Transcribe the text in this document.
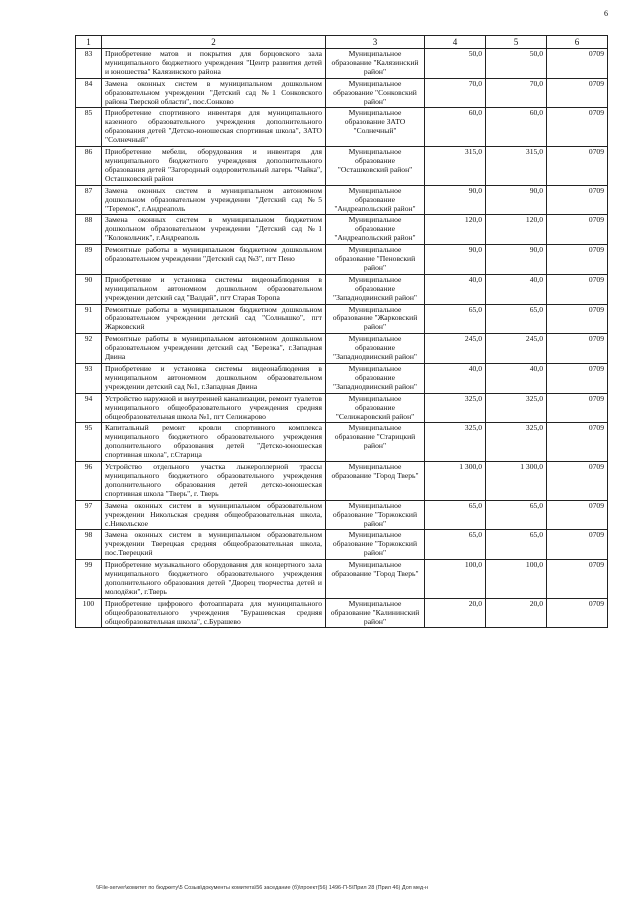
6
1	2	3	4	5	6
83	Приобретение матов и покрытия для борцовского зала муниципального бюджетного учреждения "Центр развития детей и юношества" Калязинского района	Муниципальное образование "Калязинский район"	50,0	50,0	0709
84	Замена оконных систем в муниципальном дошкольном образовательном учреждении "Детский сад №1 Сонковского района Тверской области", пос.Сонково	Муниципальное образование "Сонковский район"	70,0	70,0	0709
85	Приобретение спортивного инвентаря для муниципального казенного образовательного учреждения дополнительного образования детей "Детско-юношеская спортивная школа", ЗАТО "Солнечный"	Муниципальное образование ЗАТО "Солнечный"	60,0	60,0	0709
86	Приобретение мебели, оборудования и инвентаря для муниципального бюджетного учреждения дополнительного образования детей "Загородный оздоровительный лагерь "Чайка", Осташковский район	Муниципальное образование "Осташковский район"	315,0	315,0	0709
87	Замена оконных систем в муниципальном автономном дошкольном образовательном учреждении "Детский сад №5 "Теремок", г.Андреаполь	Муниципальное образование "Андреапольский район"	90,0	90,0	0709
88	Замена оконных систем в муниципальном бюджетном дошкольном образовательном учреждении "Детский сад №1 "Колокольчик", г.Андреаполь	Муниципальное образование "Андреапольский район"	120,0	120,0	0709
89	Ремонтные работы в муниципальном бюджетном дошкольном образовательном учреждении "Детский сад №3", пгт Пено	Муниципальное образование "Пеновский район"	90,0	90,0	0709
90	Приобретение и установка системы видеонаблюдения в муниципальном автономном дошкольном образовательном учреждении детский сад "Валдай", пгт Старая Торопа	Муниципальное образование "Западнодвинский район"	40,0	40,0	0709
91	Ремонтные работы в муниципальном бюджетном дошкольном образовательном учреждении детский сад "Солнышко", пгт Жарковский	Муниципальное образование "Жарковский район"	65,0	65,0	0709
92	Ремонтные работы в муниципальном автономном дошкольном образовательном учреждении детский сад "Березка", г.Западная Двина	Муниципальное образование "Западнодвинский район"	245,0	245,0	0709
93	Приобретение и установка системы видеонаблюдения в муниципальном автономном дошкольном образовательном учреждении детский сад №1, г.Западная Двина	Муниципальное образование "Западнодвинский район"	40,0	40,0	0709
94	Устройство наружной и внутренней канализации, ремонт туалетов муниципального общеобразовательного учреждения средняя общеобразовательная школа №1, пгт Селижарово	Муниципальное образование "Селижаровский район"	325,0	325,0	0709
95	Капитальный ремонт кровли спортивного комплекса муниципального бюджетного образовательного учреждения дополнительного образования детей "Детско-юношеская спортивная школа", г.Старица	Муниципальное образование "Старицкий район"	325,0	325,0	0709
96	Устройство отдельного участка лыжероллерной трассы муниципального бюджетного образовательного учреждения дополнительного образования детей детско-юношеская спортивная школа "Тверь", г. Тверь	Муниципальное образование "Город Тверь"	1 300,0	1 300,0	0709
97	Замена оконных систем в муниципальном образовательном учреждении Никольская средняя общеобразовательная школа, с.Никольское	Муниципальное образование "Торжокский район"	65,0	65,0	0709
98	Замена оконных систем в муниципальном образовательном учреждении Тверецкая средняя общеобразовательная школа, пос.Тверецкий	Муниципальное образование "Торжокский район"	65,0	65,0	0709
99	Приобретение музыкального оборудования для концертного зала муниципального бюджетного образовательного учреждения дополнительного образования детей "Дворец творчества детей и молодёжи", г.Тверь	Муниципальное образование "Город Тверь"	100,0	100,0	0709
100	Приобретение цифрового фотоаппарата для муниципального общеобразовательного учреждения "Бурашевская средняя общеобразовательная школа", с.Бурашево	Муниципальное образование "Калининский район"	20,0	20,0	0709
\\File-server\комитет по бюджету\5 Созыв\документы комитета\56 заседание (б)\проект(56) 1496-П-5\Прил 28 (Прил 46) Доп мед-н
